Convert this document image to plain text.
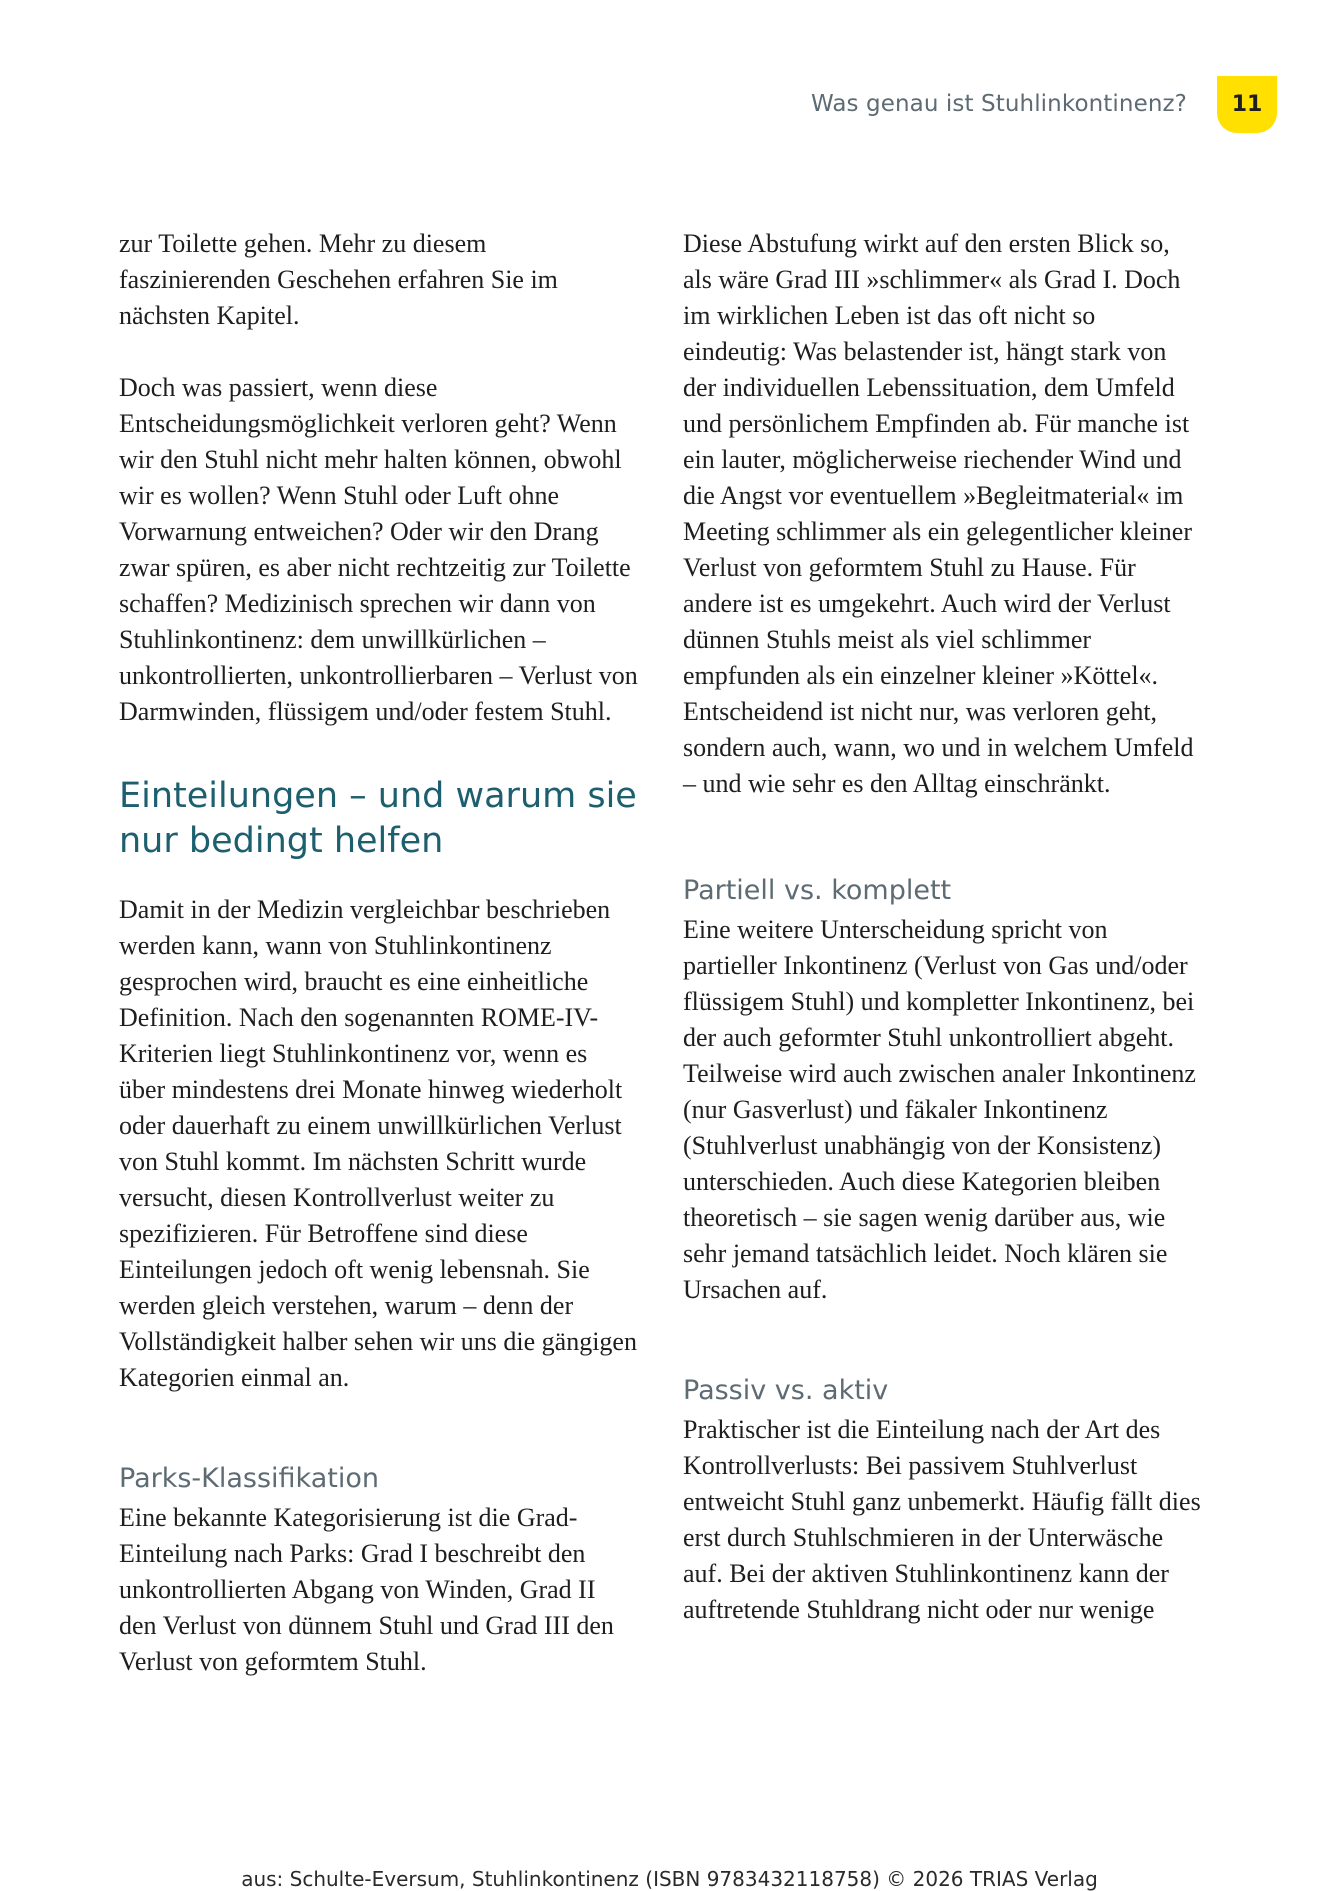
Was genau ist Stuhlinkontinenz?	11

zur Toilette gehen. Mehr zu diesem faszinierenden Geschehen erfahren Sie im nächsten Kapitel.

Doch was passiert, wenn diese Entscheidungsmöglichkeit verloren geht? Wenn wir den Stuhl nicht mehr halten können, obwohl wir es wollen? Wenn Stuhl oder Luft ohne Vorwarnung entweichen? Oder wir den Drang zwar spüren, es aber nicht rechtzeitig zur Toilette schaffen? Medizinisch sprechen wir dann von Stuhlinkontinenz: dem unwillkürlichen – unkontrollierten, unkontrollierbaren – Verlust von Darmwinden, flüssigem und/oder festem Stuhl.

Einteilungen – und warum sie nur bedingt helfen

Damit in der Medizin vergleichbar beschrieben werden kann, wann von Stuhlinkontinenz gesprochen wird, braucht es eine einheitliche Definition. Nach den sogenannten ROME-IV-Kriterien liegt Stuhlinkontinenz vor, wenn es über mindestens drei Monate hinweg wiederholt oder dauerhaft zu einem unwillkürlichen Verlust von Stuhl kommt. Im nächsten Schritt wurde versucht, diesen Kontrollverlust weiter zu spezifizieren. Für Betroffene sind diese Einteilungen jedoch oft wenig lebensnah. Sie werden gleich verstehen, warum – denn der Vollständigkeit halber sehen wir uns die gängigen Kategorien einmal an.

Parks-Klassifikation

Eine bekannte Kategorisierung ist die Grad-Einteilung nach Parks: Grad I beschreibt den unkontrollierten Abgang von Winden, Grad II den Verlust von dünnem Stuhl und Grad III den Verlust von geformtem Stuhl.

Diese Abstufung wirkt auf den ersten Blick so, als wäre Grad III »schlimmer« als Grad I. Doch im wirklichen Leben ist das oft nicht so eindeutig: Was belastender ist, hängt stark von der individuellen Lebenssituation, dem Umfeld und persönlichem Empfinden ab. Für manche ist ein lauter, möglicherweise riechender Wind und die Angst vor eventuellem »Begleitmaterial« im Meeting schlimmer als ein gelegentlicher kleiner Verlust von geformtem Stuhl zu Hause. Für andere ist es umgekehrt. Auch wird der Verlust dünnen Stuhls meist als viel schlimmer empfunden als ein einzelner kleiner »Köttel«. Entscheidend ist nicht nur, was verloren geht, sondern auch, wann, wo und in welchem Umfeld – und wie sehr es den Alltag einschränkt.

Partiell vs. komplett

Eine weitere Unterscheidung spricht von partieller Inkontinenz (Verlust von Gas und/oder flüssigem Stuhl) und kompletter Inkontinenz, bei der auch geformter Stuhl unkontrolliert abgeht. Teilweise wird auch zwischen analer Inkontinenz (nur Gasverlust) und fäkaler Inkontinenz (Stuhlverlust unabhängig von der Konsistenz) unterschieden. Auch diese Kategorien bleiben theoretisch – sie sagen wenig darüber aus, wie sehr jemand tatsächlich leidet. Noch klären sie Ursachen auf.

Passiv vs. aktiv

Praktischer ist die Einteilung nach der Art des Kontrollverlusts: Bei passivem Stuhlverlust entweicht Stuhl ganz unbemerkt. Häufig fällt dies erst durch Stuhlschmieren in der Unterwäsche auf. Bei der aktiven Stuhlinkontinenz kann der auftretende Stuhldrang nicht oder nur wenige

aus: Schulte-Eversum, Stuhlinkontinenz (ISBN 9783432118758) © 2026 TRIAS Verlag
